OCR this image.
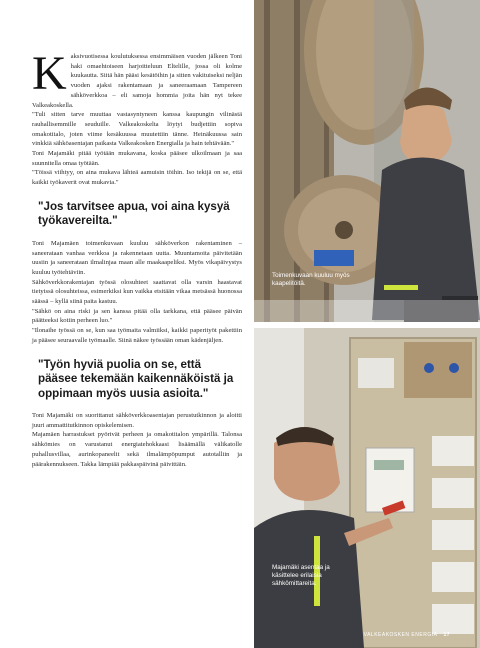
Kaksivuotisessa koulutuksessa ensimmäisen vuoden jälkeen Toni haki omaehtoiseen harjoitteluun Eltelille, jossa oli kolme kuukautta. Siitä hän pääsi kesätöihin ja sitten vakituiseksi neljän vuoden ajaksi rakentamaan ja saneeraamaan Tampereen sähköverkkoa – eli samoja hommia joita hän nyt tekee Valkeakoskella.

"Tuli sitten tarve muuttaa vastasyntyneen kanssa kaupungin vilinästä rauhallisemmille seuduille. Valkeakoskelta löytyi budjettiin sopiva omakotitalo, joten viime kesäkuussa muutettiin tänne. Heinäkuussa sain vinkkiä sähköasentajan paikasta Valkeakosken Energialla ja hain tehtävään."

Toni Majamäki pitää työtään mukavana, koska pääsee ulkoilmaan ja saa suunnitella omaa työtään.

"Töissä viihtyy, on aina mukava lähteä aamuisin töihin. Iso tekijä on se, että kaikki työkaverit ovat mukavia."

"Jos tarvitsee apua, voi aina kysyä työkavereilta."

Toni Majamäen toimenkuvaan kuuluu sähköverkon rakentaminen – saneerataan vanhaa verkkoa ja rakennetaan uutta. Muuntamoita päivitetään uusiin ja saneerataan ilmalinjaa maan alle maakaapeliksi. Myös vikapäivystys kuuluu työtehtäviin.

Sähköverkkorakentajan työssä olosuhteet saattavat olla varsin haastavat tietyissä olosuhteissa, esimerkiksi kun vaikka etsitään vikaa metsässä huonossa säässä – kyllä siinä paita kastuu.

"Sähkö on aina riski ja sen kanssa pitää olla tarkkana, että pääsee päivän päätteeksi kotiin perheen luo."

"Ilonaihe työssä on se, kun saa työmaita valmiiksi, kaikki paperityöt pakettiin ja pääsee seuraavalle työmaalle. Siinä näkee työssään oman kädenjäljen.

"Työn hyviä puolia on se, että pääsee tekemään kaikennäköistä ja oppimaan myös uusia asioita."

Toni Majamäki on suorittanut sähköverkkoasentajan perustutkinnon ja aloitti juuri ammattitutkinnon opiskelemisen.

Majamäen harrastukset pyörivät perheen ja omakotitalon ympärillä. Talonsa sähkömies on varustanut energiatehokkaasi lisäämällä välikatolle puhallusvillaa, aurinkopaneelit sekä ilmalämpöpumput autotalliin ja päärakennukseen. Takka lämpiää pakkaspäivinä päivittäin.

Toimenkuvaan kuuluu myös kaapelitöitä.
Majamäki asentaa ja käsittelee erilaisia sähkömittareita.
VALKEAKOSKEN ENERGIA 17
